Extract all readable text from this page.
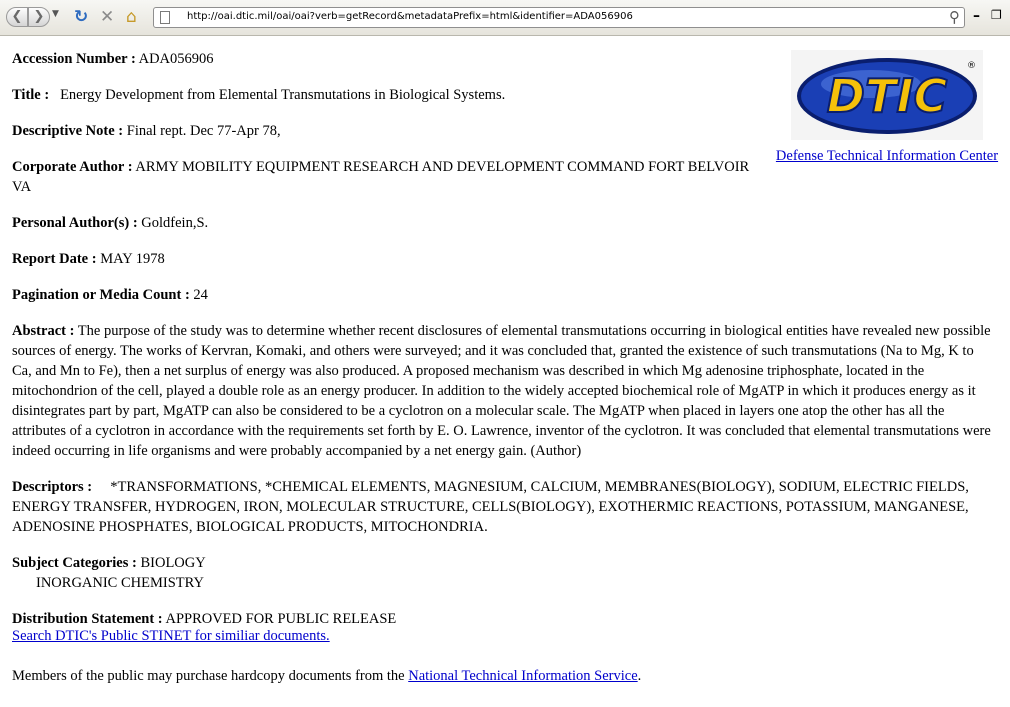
❮ ❯ ▼ ↻ ✕ ⌂	http://oai.dtic.mil/oai/oai?verb=getRecord&metadataPrefix=html&identifier=ADA056906	⚲ – ❐
DTIC
®
Defense Technical Information Center
Accession Number : ADA056906
Title : Energy Development from Elemental Transmutations in Biological Systems.
Descriptive Note : Final rept. Dec 77-Apr 78,
Corporate Author : ARMY MOBILITY EQUIPMENT RESEARCH AND DEVELOPMENT COMMAND FORT BELVOIR VA
Personal Author(s) : Goldfein,S.
Report Date : MAY 1978
Pagination or Media Count : 24
Abstract : The purpose of the study was to determine whether recent disclosures of elemental transmutations occurring in biological entities have revealed new possible sources of energy. The works of Kervran, Komaki, and others were surveyed; and it was concluded that, granted the existence of such transmutations (Na to Mg, K to Ca, and Mn to Fe), then a net surplus of energy was also produced. A proposed mechanism was described in which Mg adenosine triphosphate, located in the mitochondrion of the cell, played a double role as an energy producer. In addition to the widely accepted biochemical role of MgATP in which it produces energy as it disintegrates part by part, MgATP can also be considered to be a cyclotron on a molecular scale. The MgATP when placed in layers one atop the other has all the attributes of a cyclotron in accordance with the requirements set forth by E. O. Lawrence, inventor of the cyclotron. It was concluded that elemental transmutations were indeed occurring in life organisms and were probably accompanied by a net energy gain. (Author)
Descriptors : *TRANSFORMATIONS, *CHEMICAL ELEMENTS, MAGNESIUM, CALCIUM, MEMBRANES(BIOLOGY), SODIUM, ELECTRIC FIELDS, ENERGY TRANSFER, HYDROGEN, IRON, MOLECULAR STRUCTURE, CELLS(BIOLOGY), EXOTHERMIC REACTIONS, POTASSIUM, MANGANESE, ADENOSINE PHOSPHATES, BIOLOGICAL PRODUCTS, MITOCHONDRIA.
Subject Categories : BIOLOGY
INORGANIC CHEMISTRY
Distribution Statement : APPROVED FOR PUBLIC RELEASE
Search DTIC's Public STINET for similiar documents.
Members of the public may purchase hardcopy documents from the National Technical Information Service.
